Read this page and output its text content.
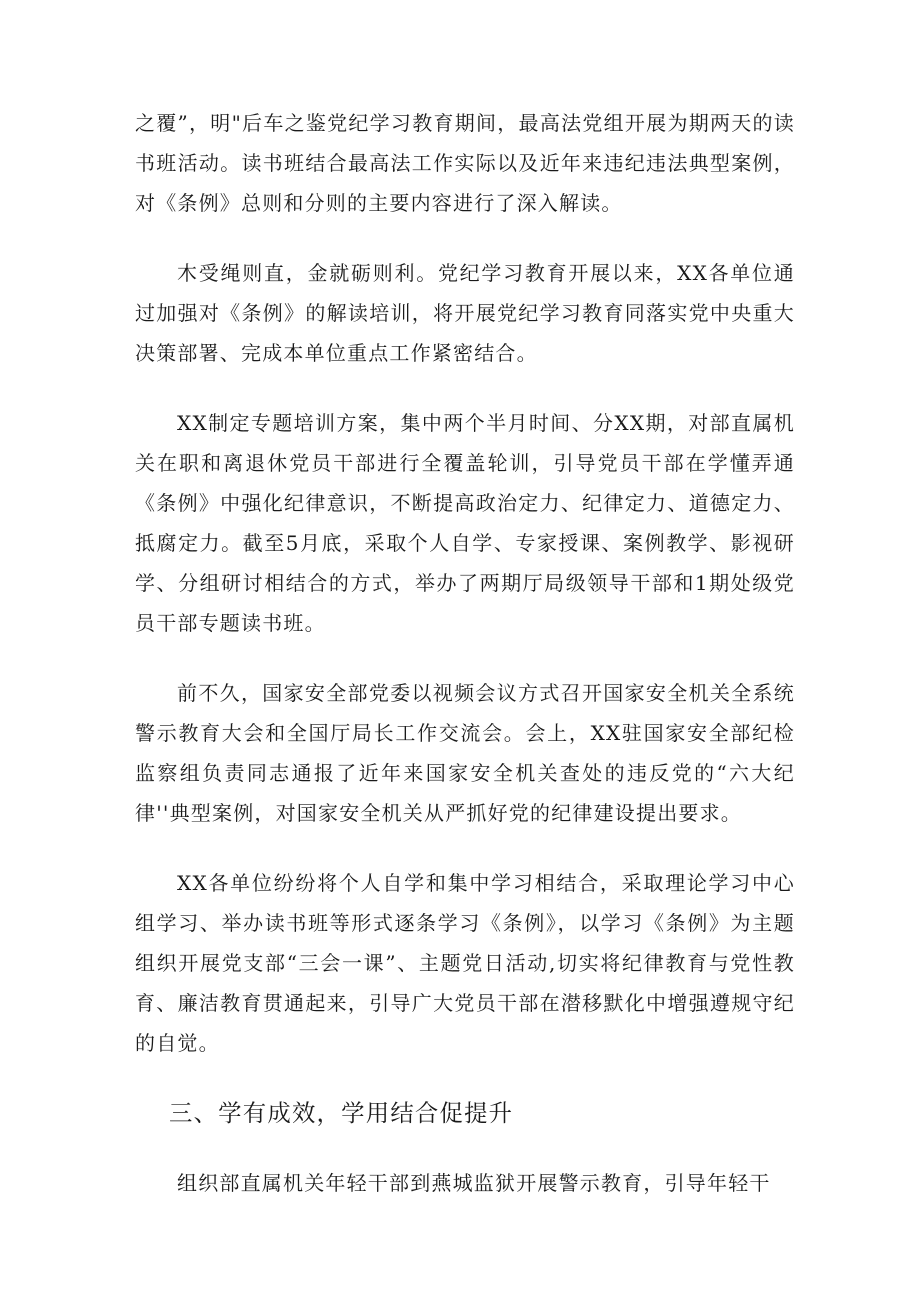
之覆”，明"后车之鉴党纪学习教育期间，最高法党组开展为期两天的读书班活动。读书班结合最高法工作实际以及近年来违纪违法典型案例，对《条例》总则和分则的主要内容进行了深入解读。

木受绳则直，金就砺则利。党纪学习教育开展以来，XX各单位通过加强对《条例》的解读培训，将开展党纪学习教育同落实党中央重大决策部署、完成本单位重点工作紧密结合。

XX制定专题培训方案，集中两个半月时间、分XX期，对部直属机关在职和离退休党员干部进行全覆盖轮训，引导党员干部在学懂弄通《条例》中强化纪律意识，不断提高政治定力、纪律定力、道德定力、抵腐定力。截至5月底，采取个人自学、专家授课、案例教学、影视研学、分组研讨相结合的方式，举办了两期厅局级领导干部和1期处级党员干部专题读书班。

前不久，国家安全部党委以视频会议方式召开国家安全机关全系统警示教育大会和全国厅局长工作交流会。会上，XX驻国家安全部纪检监察组负责同志通报了近年来国家安全机关查处的违反党的“六大纪律''典型案例，对国家安全机关从严抓好党的纪律建设提出要求。

XX各单位纷纷将个人自学和集中学习相结合，采取理论学习中心组学习、举办读书班等形式逐条学习《条例》，以学习《条例》为主题组织开展党支部“三会一课”、主题党日活动,切实将纪律教育与党性教育、廉洁教育贯通起来，引导广大党员干部在潜移默化中增强遵规守纪的自觉。

三、学有成效，学用结合促提升

组织部直属机关年轻干部到燕城监狱开展警示教育，引导年轻干
